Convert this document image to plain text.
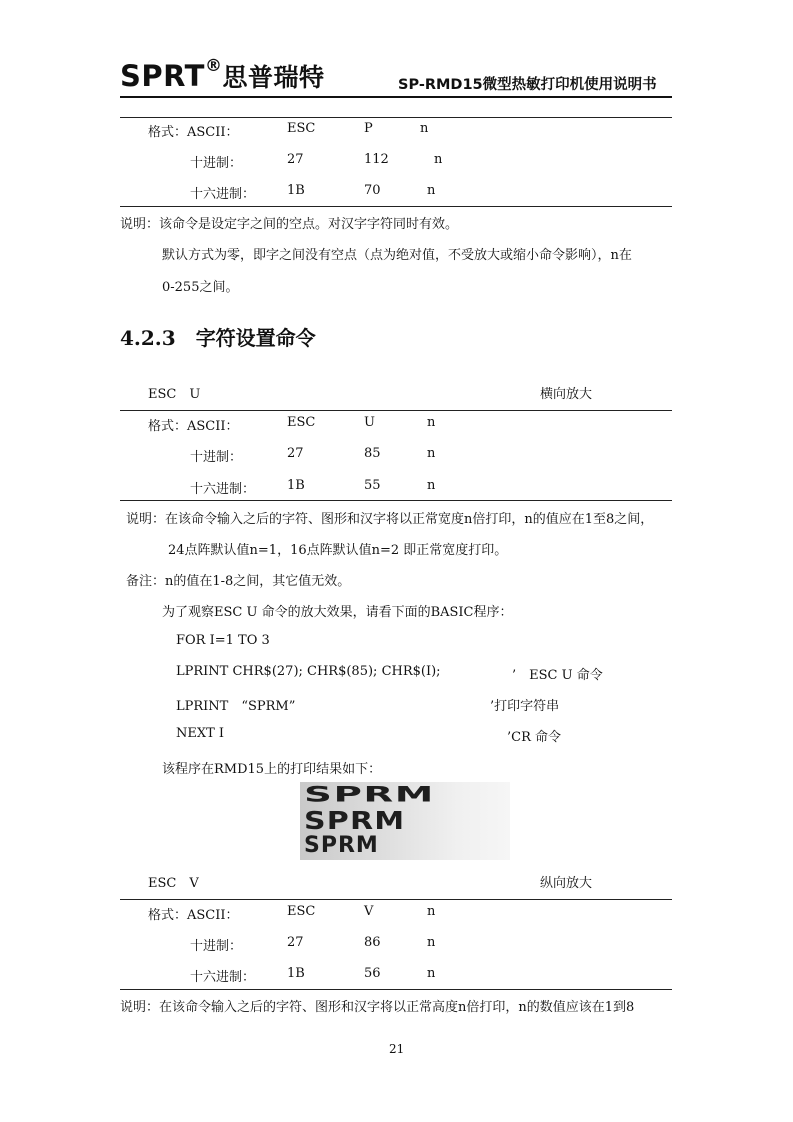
SPRT®思普瑞特	SP-RMD15微型热敏打印机使用说明书
格式：ASCII：	ESC	P	n
十进制：	27	112	n
十六进制： 1B	70	n
说明：该命令是设定字之间的空点。对汉字字符同时有效。
默认方式为零，即字之间没有空点（点为绝对值，不受放大或缩小命令影响），n在
0-255之间。
4.2.3 字符设置命令
ESC　U	横向放大
格式：ASCII：	ESC	U	n
十进制：	27	85	n
十六进制： 1B	55	n
说明：在该命令输入之后的字符、图形和汉字将以正常宽度n倍打印，n的值应在1至8之间，
24点阵默认值n=1，16点阵默认值n=2 即正常宽度打印。
备注：n的值在1-8之间，其它值无效。
为了观察ESC U 命令的放大效果，请看下面的BASIC程序：
FOR I=1 TO 3
LPRINT CHR$(27); CHR$(85); CHR$(I);	’　ESC U 命令
LPRINT　“SPRM”	’打印字符串
NEXT I	’CR 命令
该程序在RMD15上的打印结果如下：
SPRM
SPRM
SPRM
ESC　V	纵向放大
格式：ASCII：	ESC	V	n
十进制：	27	86	n
十六进制： 1B	56	n
说明：在该命令输入之后的字符、图形和汉字将以正常高度n倍打印，n的数值应该在1到8
21
